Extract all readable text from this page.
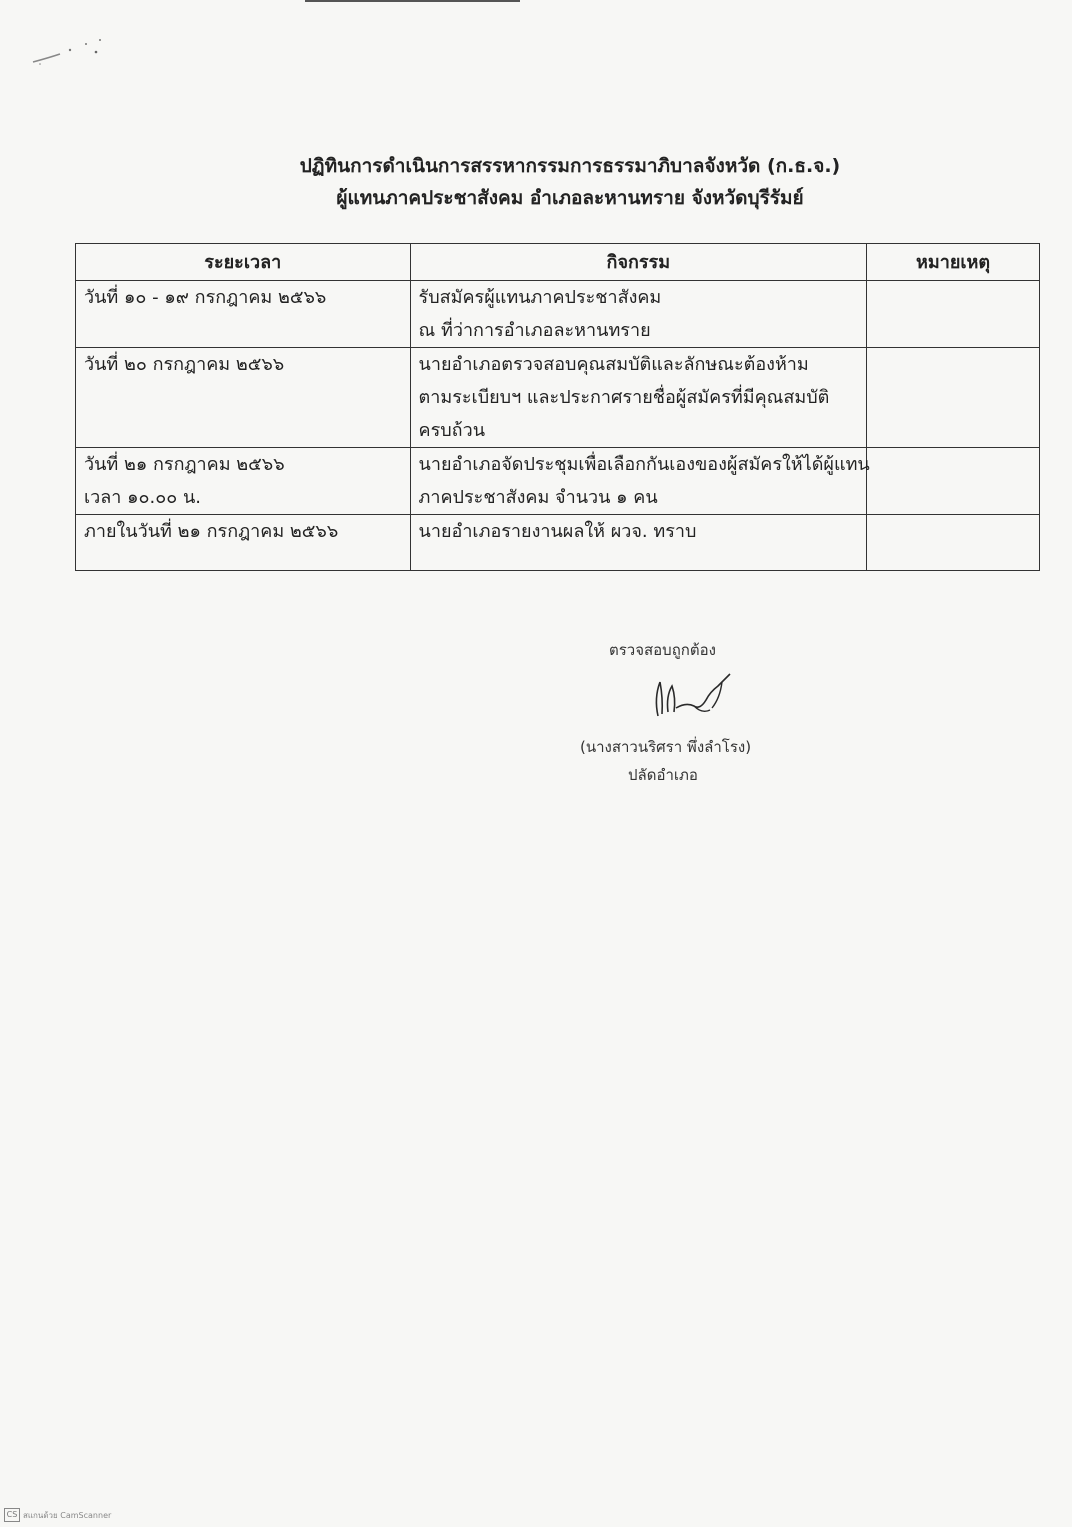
ปฏิทินการดำเนินการสรรหากรรมการธรรมาภิบาลจังหวัด (ก.ธ.จ.)
ผู้แทนภาคประชาสังคม อำเภอละหานทราย จังหวัดบุรีรัมย์
ระยะเวลา	กิจกรรม	หมายเหตุ

วันที่ ๑๐ - ๑๙ กรกฎาคม ๒๕๖๖	รับสมัครผู้แทนภาคประชาสังคม
ณ ที่ว่าการอำเภอละหานทราย	

วันที่ ๒๐ กรกฎาคม ๒๕๖๖	นายอำเภอตรวจสอบคุณสมบัติและลักษณะต้องห้าม
ตามระเบียบฯ และประกาศรายชื่อผู้สมัครที่มีคุณสมบัติ
ครบถ้วน	

วันที่ ๒๑ กรกฎาคม ๒๕๖๖
เวลา ๑๐.๐๐ น.	นายอำเภอจัดประชุมเพื่อเลือกกันเองของผู้สมัครให้ได้ผู้แทน
ภาคประชาสังคม จำนวน ๑ คน	

ภายในวันที่ ๒๑ กรกฎาคม ๒๕๖๖	นายอำเภอรายงานผลให้ ผวจ. ทราบ	

ตรวจสอบถูกต้อง
(นางสาวนริศรา พึ่งลำโรง)
ปลัดอำเภอ
CS สแกนด้วย CamScanner
